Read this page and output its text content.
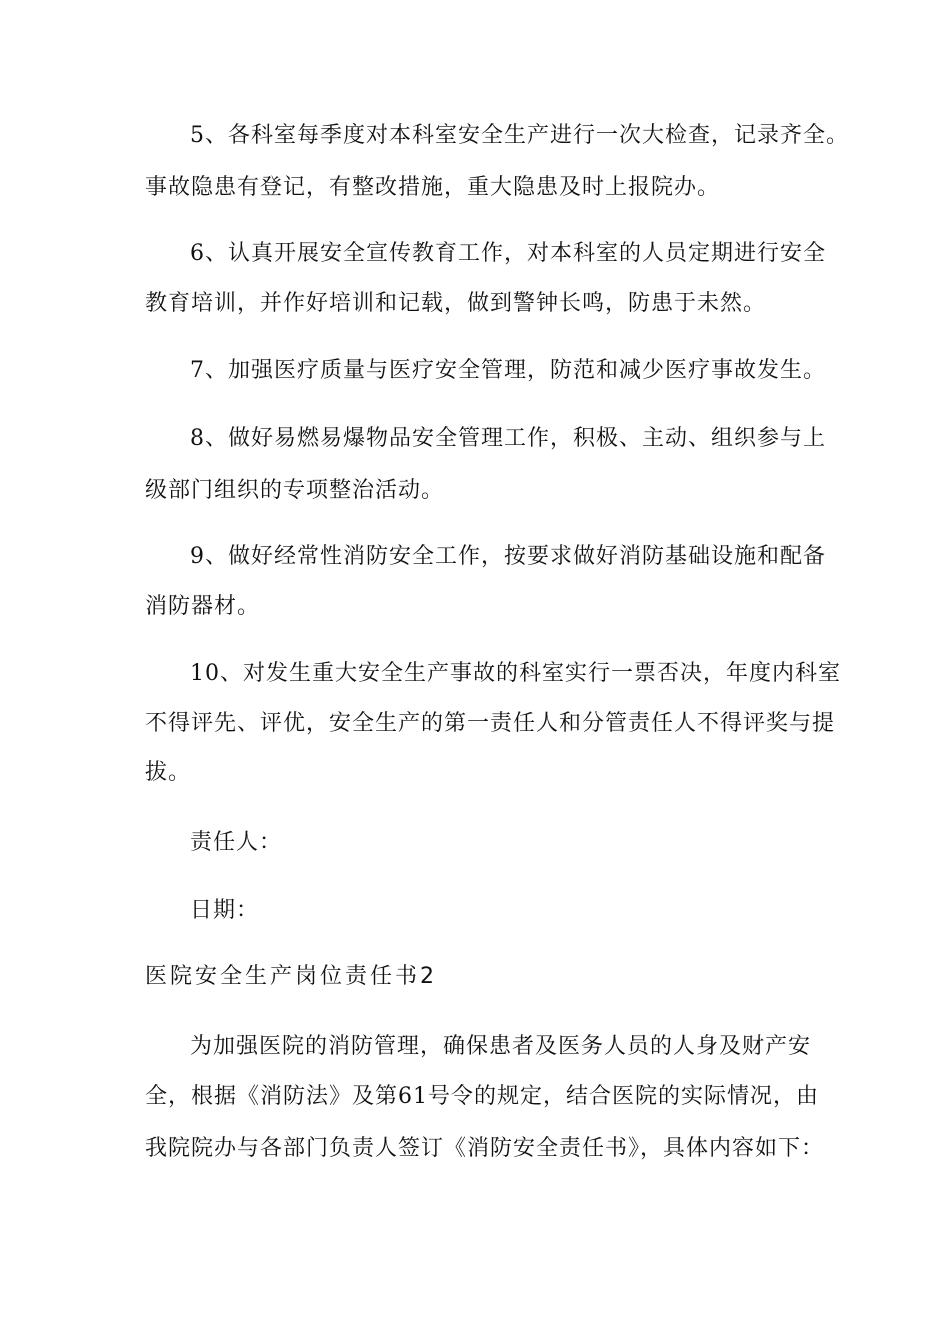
5、各科室每季度对本科室安全生产进行一次大检查，记录齐全。
事故隐患有登记，有整改措施，重大隐患及时上报院办。
6、认真开展安全宣传教育工作，对本科室的人员定期进行安全
教育培训，并作好培训和记载，做到警钟长鸣，防患于未然。
7、加强医疗质量与医疗安全管理，防范和减少医疗事故发生。
8、做好易燃易爆物品安全管理工作，积极、主动、组织参与上
级部门组织的专项整治活动。
9、做好经常性消防安全工作，按要求做好消防基础设施和配备
消防器材。
10、对发生重大安全生产事故的科室实行一票否决，年度内科室
不得评先、评优，安全生产的第一责任人和分管责任人不得评奖与提
拔。
责任人：
日期：
医院安全生产岗位责任书2
为加强医院的消防管理，确保患者及医务人员的人身及财产安
全，根据《消防法》及第61号令的规定，结合医院的实际情况，由
我院院办与各部门负责人签订《消防安全责任书》，具体内容如下：
